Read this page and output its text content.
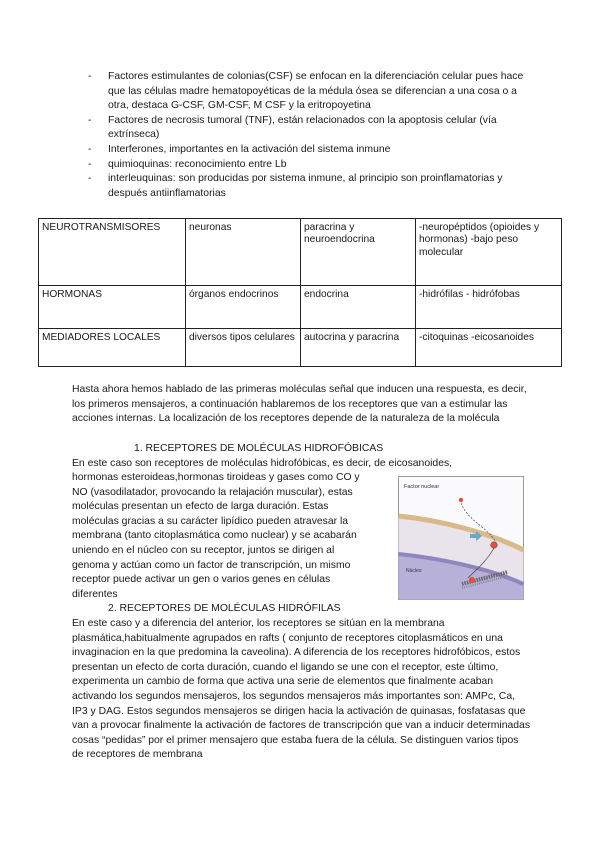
- Factores estimulantes de colonias(CSF) se enfocan en la diferenciación celular pues hace que las células madre hematopoyéticas de la médula ósea se diferencian a una cosa o a otra, destaca G-CSF, GM-CSF, M CSF y la eritropoyetina
- Factores de necrosis tumoral (TNF), están relacionados con la apoptosis celular (vía extrínseca)
- Interferones, importantes en la activación del sistema inmune
- quimioquinas: reconocimiento entre Lb
- interleuquinas: son producidas por sistema inmune, al principio son proinflamatorias y después antiinflamatorias
NEUROTRANSMISORES	neuronas	paracrina y neuroendocrina	-neuropéptidos (opioides y hormonas) -bajo peso molecular
HORMONAS	órganos endocrinos	endocrina	-hidrófilas - hidrófobas
MEDIADORES LOCALES	diversos tipos celulares	autocrina y paracrina	-citoquinas -eicosanoides

Hasta ahora hemos hablado de las primeras moléculas señal que inducen una respuesta, es decir, los primeros mensajeros, a continuación hablaremos de los receptores que van a estimular las acciones internas. La localización de los receptores depende de la naturaleza de la molécula

1. RECEPTORES DE MOLÉCULAS HIDROFÓBICAS

En este caso son receptores de moléculas hidrofóbicas, es decir, de eicosanoides,

hormonas esteroideas,hormonas tiroideas y gases como CO y

NO (vasodilatador, provocando la relajación muscular), estas

moléculas presentan un efecto de larga duración. Estas

moléculas gracias a su carácter lipídico pueden atravesar la

membrana (tanto citoplasmática como nuclear) y se acabarán

uniendo en el núcleo con su receptor, juntos se dirigen al

genoma y actúan como un factor de transcripción, un mismo

receptor puede activar un gen o varios genes en células

diferentes

Factor nuclear
Núcleo

2. RECEPTORES DE MOLÉCULAS HIDRÓFILAS

En este caso y a diferencia del anterior, los receptores se sitúan en la membrana plasmática,habitualmente agrupados en rafts ( conjunto de receptores citoplasmáticos en una invaginacion en la que predomina la caveolina). A diferencia de los receptores hidrofóbicos, estos presentan un efecto de corta duración, cuando el ligando se une con el receptor, este último, experimenta un cambio de forma que activa una serie de elementos que finalmente acaban activando los segundos mensajeros, los segundos mensajeros más importantes son: AMPc, Ca, IP3 y DAG. Estos segundos mensajeros se dirigen hacia la activación de quinasas, fosfatasas que van a provocar finalmente la activación de factores de transcripción que van a inducir determinadas cosas “pedidas” por el primer mensajero que estaba fuera de la célula. Se distinguen varios tipos de receptores de membrana
